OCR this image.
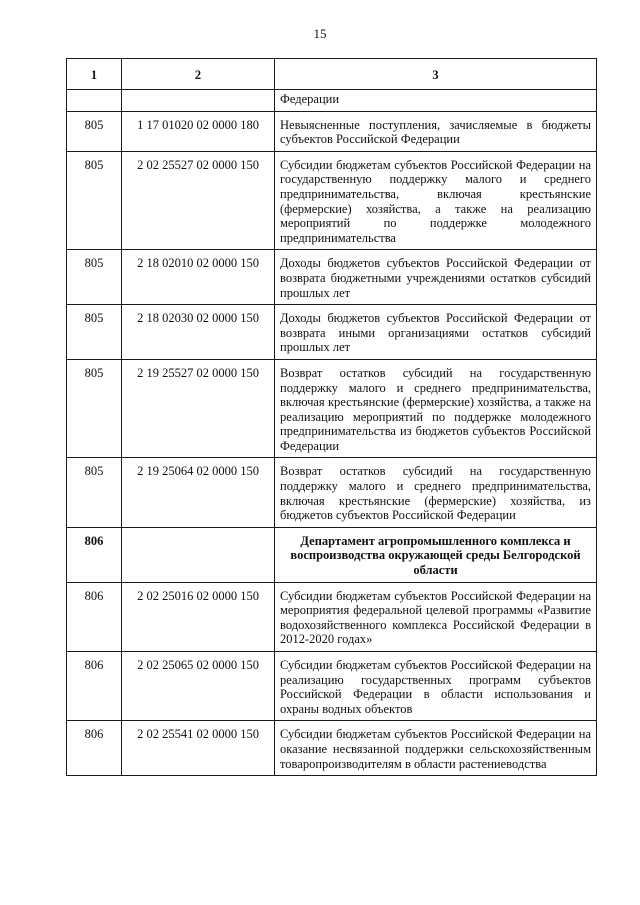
15
1	2	3
		Федерации
805	1 17 01020 02 0000 180	Невыясненные поступления, зачисляемые в бюджеты субъектов Российской Федерации
805	2 02 25527 02 0000 150	Субсидии бюджетам субъектов Российской Федерации на государственную поддержку малого и среднего предпринимательства, включая крестьянские (фермерские) хозяйства, а также на реализацию мероприятий по поддержке молодежного предпринимательства
805	2 18 02010 02 0000 150	Доходы бюджетов субъектов Российской Федерации от возврата бюджетными учреждениями остатков субсидий прошлых лет
805	2 18 02030 02 0000 150	Доходы бюджетов субъектов Российской Федерации от возврата иными организациями остатков субсидий прошлых лет
805	2 19 25527 02 0000 150	Возврат остатков субсидий на государственную поддержку малого и среднего предпринимательства, включая крестьянские (фермерские) хозяйства, а также на реализацию мероприятий по поддержке молодежного предпринимательства из бюджетов субъектов Российской Федерации
805	2 19 25064 02 0000 150	Возврат остатков субсидий на государственную поддержку малого и среднего предпринимательства, включая крестьянские (фермерские) хозяйства, из бюджетов субъектов Российской Федерации
806		Департамент агропромышленного комплекса и воспроизводства окружающей среды Белгородской области
806	2 02 25016 02 0000 150	Субсидии бюджетам субъектов Российской Федерации на мероприятия федеральной целевой программы «Развитие водохозяйственного комплекса Российской Федерации в 2012-2020 годах»
806	2 02 25065 02 0000 150	Субсидии бюджетам субъектов Российской Федерации на реализацию государственных программ субъектов Российской Федерации в области использования и охраны водных объектов
806	2 02 25541 02 0000 150	Субсидии бюджетам субъектов Российской Федерации на оказание несвязанной поддержки сельскохозяйственным товаропроизводителям в области растениеводства
